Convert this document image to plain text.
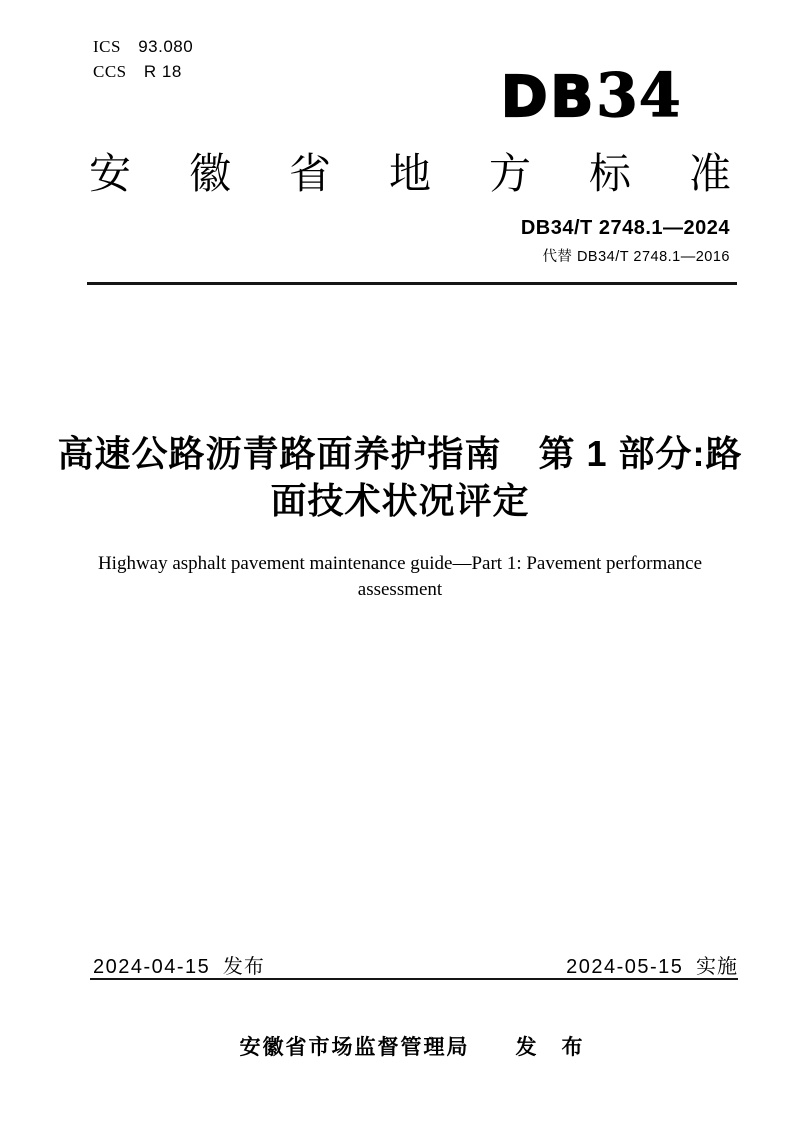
ICS 93.080
CCS R 18	DB34
安徽省地方标准
DB34/T 2748.1—2024
代替 DB34/T 2748.1—2016
高速公路沥青路面养护指南　第 1 部分:路
面技术状况评定
Highway asphalt pavement maintenance guide—Part 1: Pavement performance
assessment
2024-04-15 发布	2024-05-15 实施
安徽省市场监督管理局　　发　布
